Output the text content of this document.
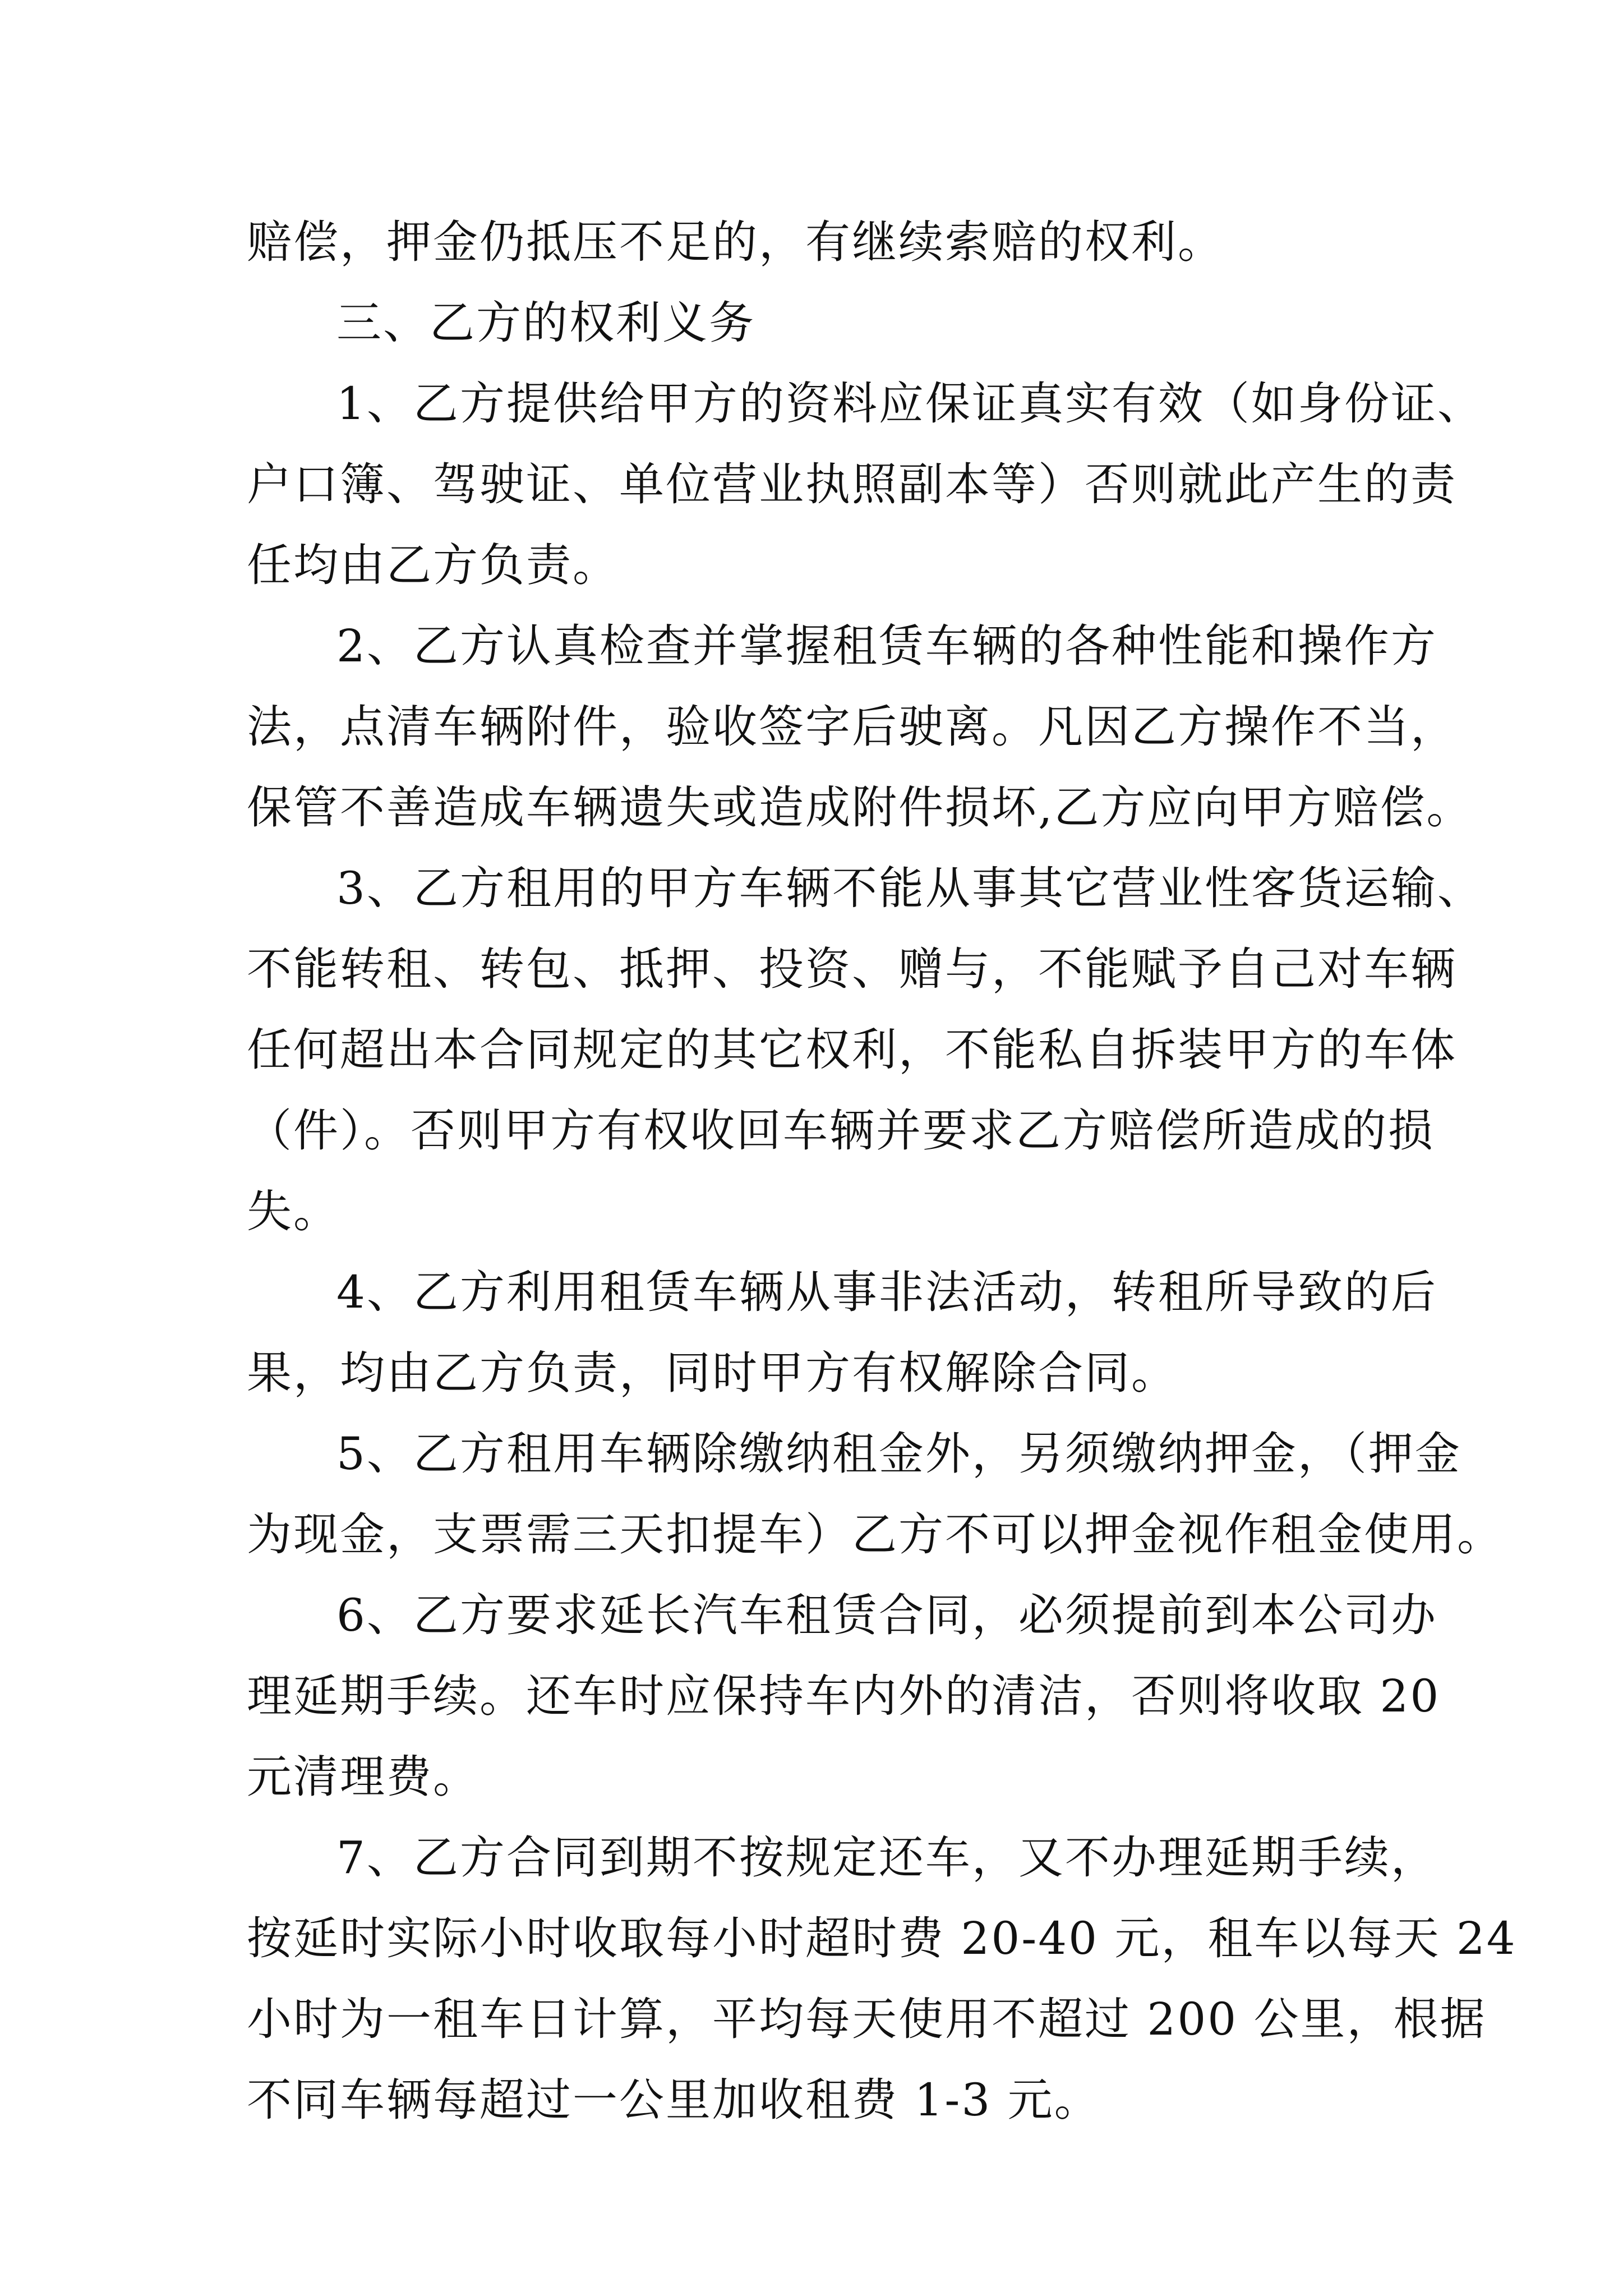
赔偿，押金仍抵压不足的，有继续索赔的权利。
三、乙方的权利义务
1、乙方提供给甲方的资料应保证真实有效（如身份证、
户口簿、驾驶证、单位营业执照副本等）否则就此产生的责
任均由乙方负责。
2、乙方认真检查并掌握租赁车辆的各种性能和操作方
法，点清车辆附件，验收签字后驶离。凡因乙方操作不当，
保管不善造成车辆遗失或造成附件损坏,乙方应向甲方赔偿。
3、乙方租用的甲方车辆不能从事其它营业性客货运输、
不能转租、转包、抵押、投资、赠与，不能赋予自己对车辆
任何超出本合同规定的其它权利，不能私自拆装甲方的车体
（件）。否则甲方有权收回车辆并要求乙方赔偿所造成的损
失。
4、乙方利用租赁车辆从事非法活动，转租所导致的后
果，均由乙方负责，同时甲方有权解除合同。
5、乙方租用车辆除缴纳租金外，另须缴纳押金，（押金
为现金，支票需三天扣提车）乙方不可以押金视作租金使用。
6、乙方要求延长汽车租赁合同，必须提前到本公司办
理延期手续。还车时应保持车内外的清洁，否则将收取 20
元清理费。
7、乙方合同到期不按规定还车，又不办理延期手续，
按延时实际小时收取每小时超时费 20-40 元，租车以每天 24
小时为一租车日计算，平均每天使用不超过 200 公里，根据
不同车辆每超过一公里加收租费 1-3 元。
